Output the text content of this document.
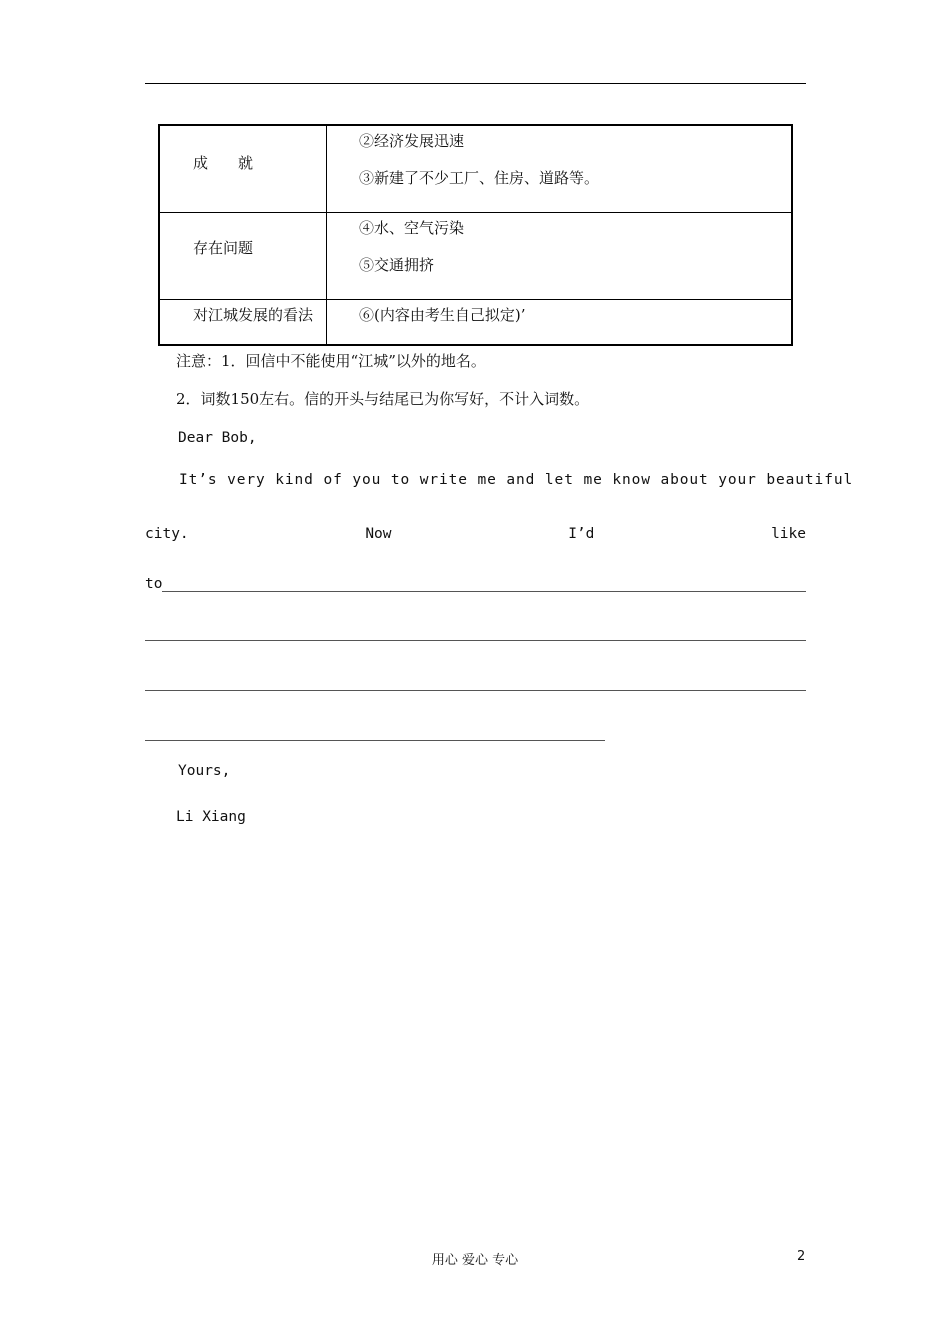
成　　就	②经济发展迅速
③新建了不少工厂、住房、道路等。

存在问题	④水、空气污染
⑤交通拥挤

对江城发展的看法	⑥(内容由考生自己拟定)’
注意：1．回信中不能使用“江城”以外的地名。
2．词数150左右。信的开头与结尾已为你写好，不计入词数。
Dear Bob,
It’s very kind of you to write me and let me know about your beautiful
city.	Now	I’d	like
to
Yours,
Li Xiang
用心 爱心 专心	2
